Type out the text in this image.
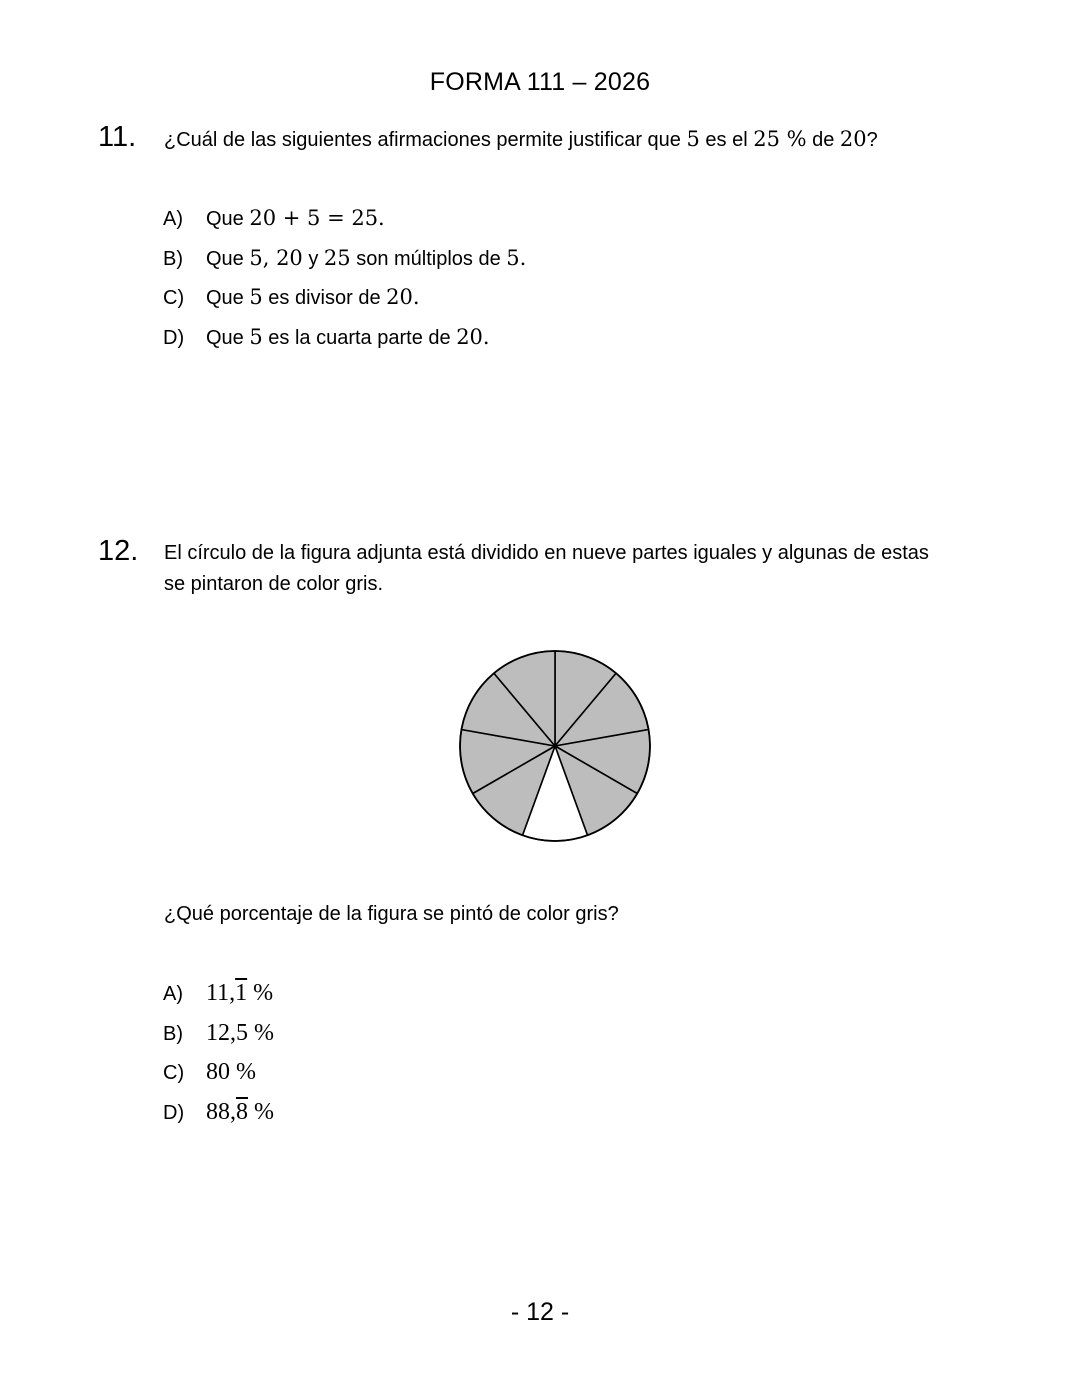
FORMA 111 – 2026
11. ¿Cuál de las siguientes afirmaciones permite justificar que 5 es el 25 % de 20?
A)	Que 20 + 5 = 25.
B)	Que 5, 20 y 25 son múltiplos de 5.
C)	Que 5 es divisor de 20.
D)	Que 5 es la cuarta parte de 20.
12. El círculo de la figura adjunta está dividido en nueve partes iguales y algunas de estas
se pintaron de color gris.
¿Qué porcentaje de la figura se pintó de color gris?
A) 11,1 %
B) 12,5 %
C) 80 %
D) 88,8 %
- 12 -
